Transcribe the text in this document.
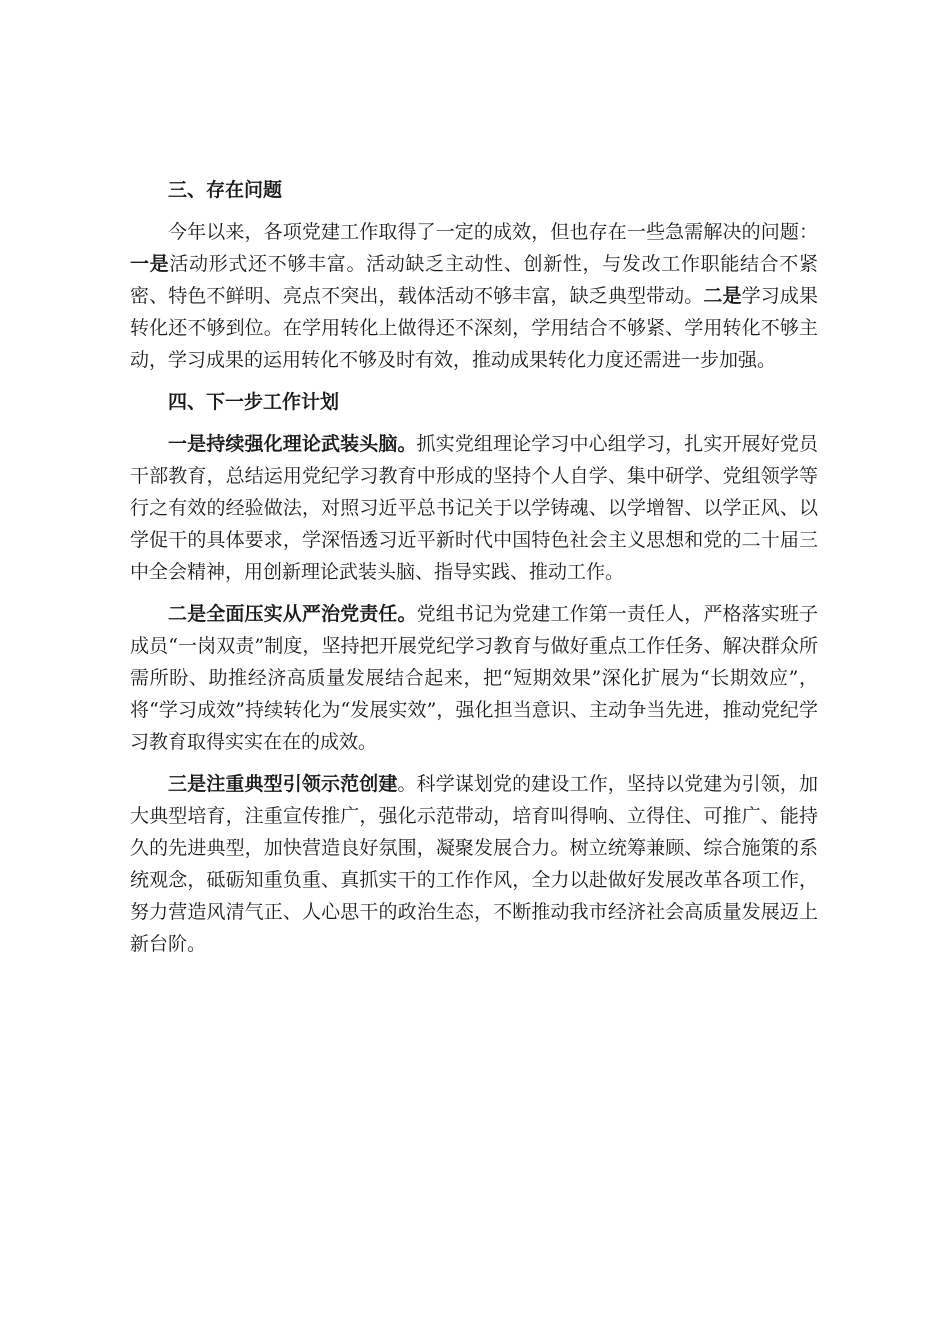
三、存在问题
今年以来，各项党建工作取得了一定的成效，但也存在一些急需解决的问题：一是活动形式还不够丰富。活动缺乏主动性、创新性，与发改工作职能结合不紧密、特色不鲜明、亮点不突出，载体活动不够丰富，缺乏典型带动。二是学习成果转化还不够到位。在学用转化上做得还不深刻，学用结合不够紧、学用转化不够主动，学习成果的运用转化不够及时有效，推动成果转化力度还需进一步加强。
四、下一步工作计划
一是持续强化理论武装头脑。抓实党组理论学习中心组学习，扎实开展好党员干部教育，总结运用党纪学习教育中形成的坚持个人自学、集中研学、党组领学等行之有效的经验做法，对照习近平总书记关于以学铸魂、以学增智、以学正风、以学促干的具体要求，学深悟透习近平新时代中国特色社会主义思想和党的二十届三中全会精神，用创新理论武装头脑、指导实践、推动工作。
二是全面压实从严治党责任。党组书记为党建工作第一责任人，严格落实班子成员“一岗双责”制度，坚持把开展党纪学习教育与做好重点工作任务、解决群众所需所盼、助推经济高质量发展结合起来，把“短期效果”深化扩展为“长期效应”，将“学习成效”持续转化为“发展实效”，强化担当意识、主动争当先进，推动党纪学习教育取得实实在在的成效。
三是注重典型引领示范创建。科学谋划党的建设工作，坚持以党建为引领，加大典型培育，注重宣传推广，强化示范带动，培育叫得响、立得住、可推广、能持久的先进典型，加快营造良好氛围，凝聚发展合力。树立统筹兼顾、综合施策的系统观念，砥砺知重负重、真抓实干的工作作风，全力以赴做好发展改革各项工作，努力营造风清气正、人心思干的政治生态，不断推动我市经济社会高质量发展迈上新台阶。
